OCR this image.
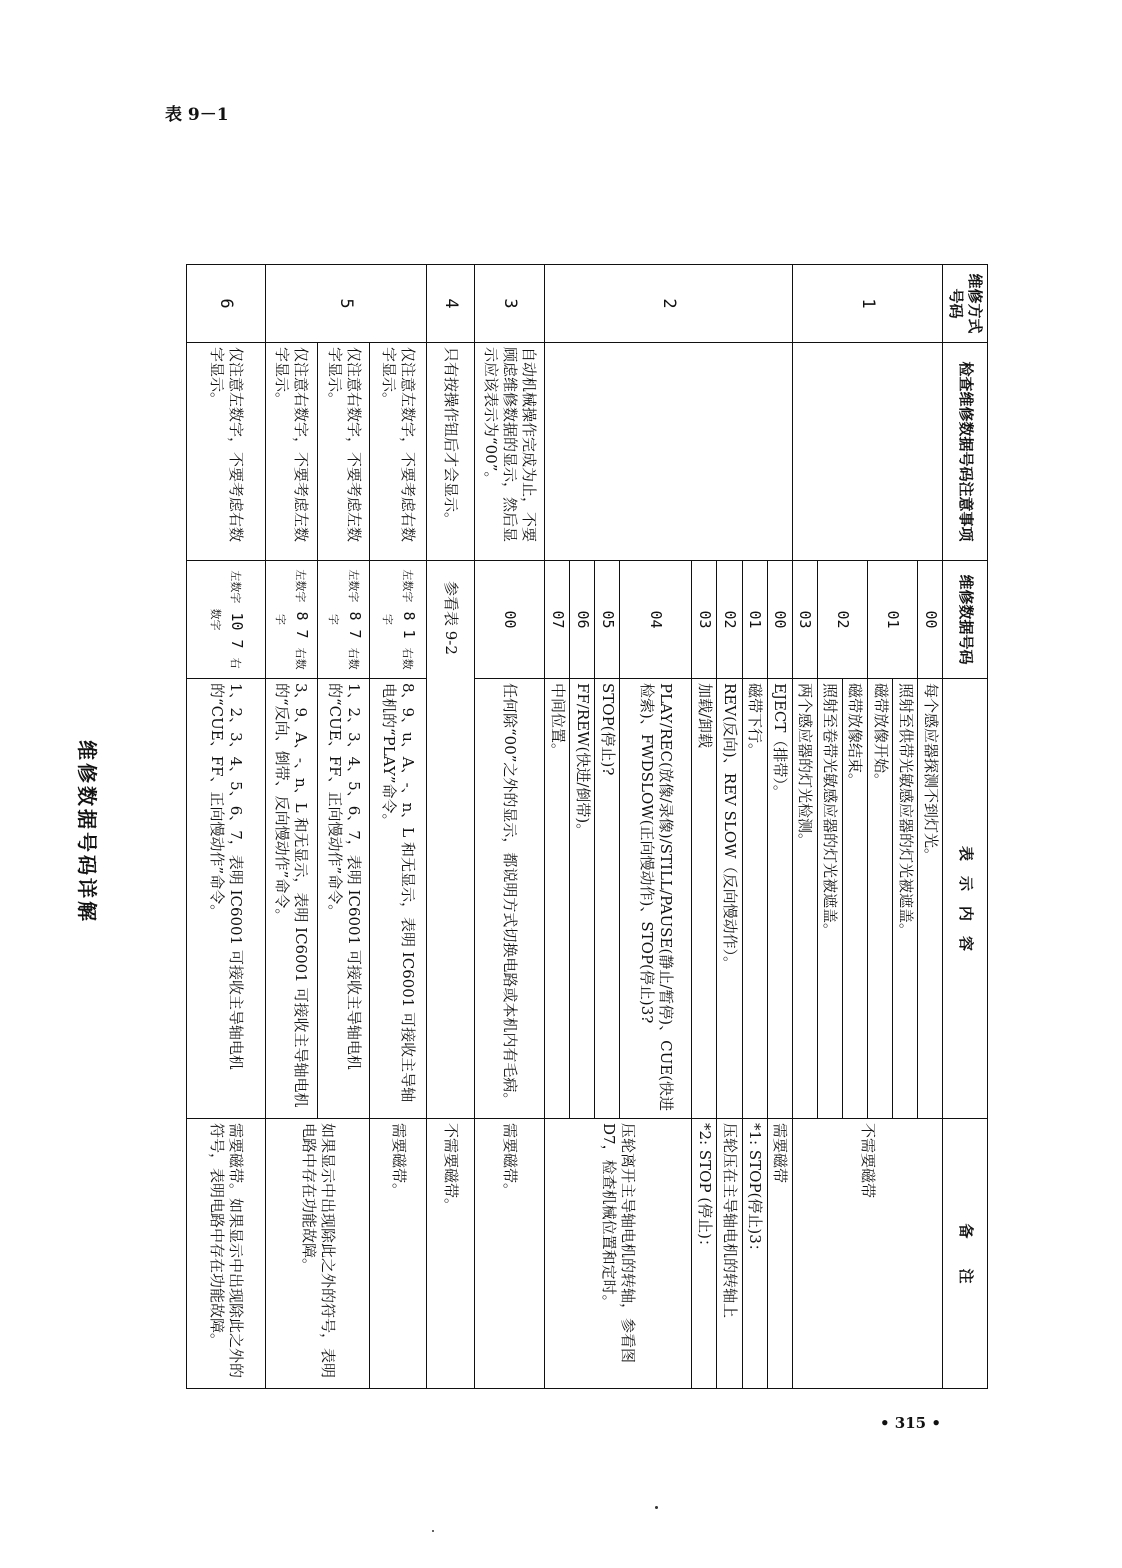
表 9－1
维修数据号码详解
• 315 •
维修方式号码	检查维修数据号码注意事项	维修数据号码	表　示　内　容	备　　注
1		00	每个感应器探测不到灯光。	不需要磁带
		01	照射至供带光敏感应器的灯光被遮盖。	
			磁带放像开始。	
		02	磁带放像结束。	
			照射至卷带光敏感应器的灯光被遮盖。	
		03	两个感应器的灯光检测。	
2		00	EJECT（排带）。	需要磁带
		01	磁带下行。	*1: STOP(停止)3：
		02	REV(反向)、REV SLOW（反向慢动作）。	压轮压在主导轴电机的转轴上
		03	加载/卸载	*2: STOP (停止)：
		04	PLAY/REC(放像/录像)/STILL/PAUSE(静止/暂停)、CUE(快进检索)、FWDSLOW(正向慢动作)、STOP(停止)3?	压轮离开主导轴电机的转轴，参看图 D7，检查机械位置和定时。
		05	STOP(停止)?	
		06	FF/REW(快进/倒带)。	
		07	中间位置。	
3	自动机械操作完成为止，不要顾虑维修数据的显示，然后显示应该表示为“00”。	00	任何除“00”之外的显示，都说明方式切换电路或本机内有毛病。	需要磁带。
4	只有按操作钮后才会显示。	参看表 9-2		不需要磁带。
5	仅注意左数字，不要考虑右数字显示。	左数字 8 1 右数字	8、9、u、A、-、n、L 和无显示，表明 IC6001 可接收主导轴电机的“PLAY”命令。	需要磁带。
	仅注意右数字，不要考虑左数字显示。	左数字 8 7 右数字	1、2、3、4、5、6、7，表明 IC6001 可接收主导轴电机的“CUE、FF、正向慢动作”命令。	如果显示中出现除此之外的符号，表明电路中存在功能故障。
	仅注意右数字，不要考虑左数字显示。	左数字 8 7 右数字	3、9、A、-、n、L 和无显示，表明 IC6001 可接收主导轴电机的“反向、倒带、反向慢动作”命令。	
6	仅注意左数字，不要考虑右数字显示。	左数字 10 7 右数字	1、2、3、4、5、6、7，表明 IC6001 可接收主导轴电机的“CUE、FF、正向慢动作”命令。	需要磁带。如果显示中出现除此之外的符号，表明电路中存在功能故障。
